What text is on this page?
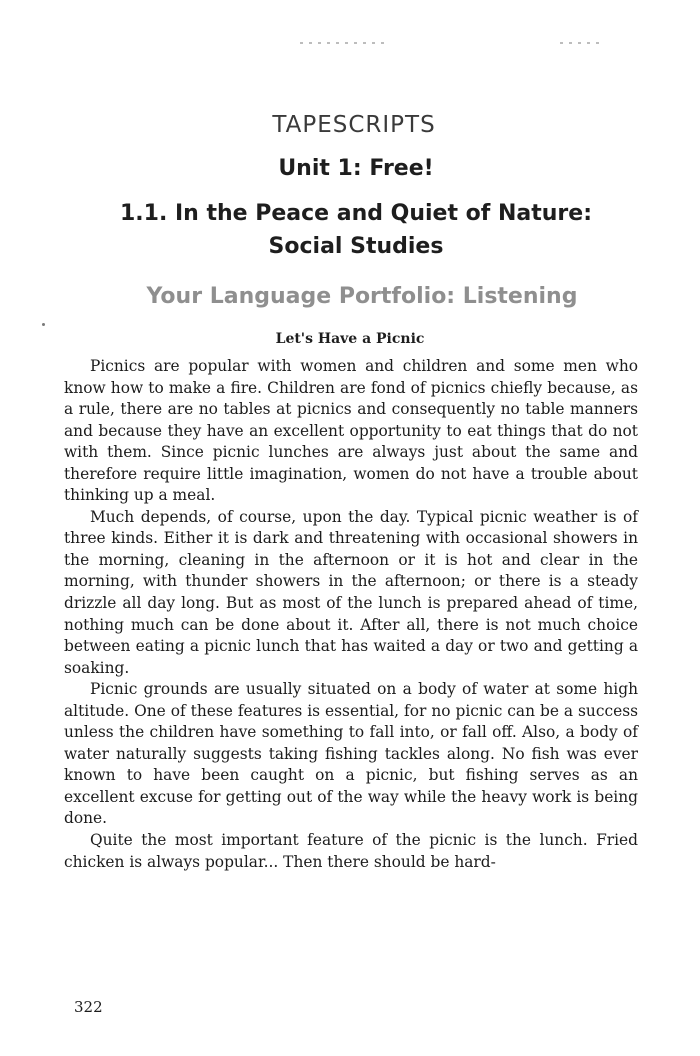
TAPESCRIPTS
Unit 1: Free!
1.1. In the Peace and Quiet of Nature:
Social Studies
Your Language Portfolio: Listening
Let's Have a Picnic

Picnics are popular with women and children and some men who know how to make a fire. Children are fond of picnics chiefly because, as a rule, there are no tables at picnics and consequently no table manners and because they have an excellent opportunity to eat things that do not with them. Since picnic lunches are always just about the same and therefore require little imagination, women do not have a trouble about thinking up a meal.

Much depends, of course, upon the day. Typical picnic weather is of three kinds. Either it is dark and threatening with occasional showers in the morning, cleaning in the afternoon or it is hot and clear in the morning, with thunder showers in the afternoon; or there is a steady drizzle all day long. But as most of the lunch is prepared ahead of time, nothing much can be done about it. After all, there is not much choice between eating a picnic lunch that has waited a day or two and getting a soaking.

Picnic grounds are usually situated on a body of water at some high altitude. One of these features is essential, for no picnic can be a success unless the children have something to fall into, or fall off. Also, a body of water naturally suggests taking fishing tackles along. No fish was ever known to have been caught on a picnic, but fishing serves as an excellent excuse for getting out of the way while the heavy work is being done.

Quite the most important feature of the picnic is the lunch. Fried chicken is always popular... Then there should be hard-

322
